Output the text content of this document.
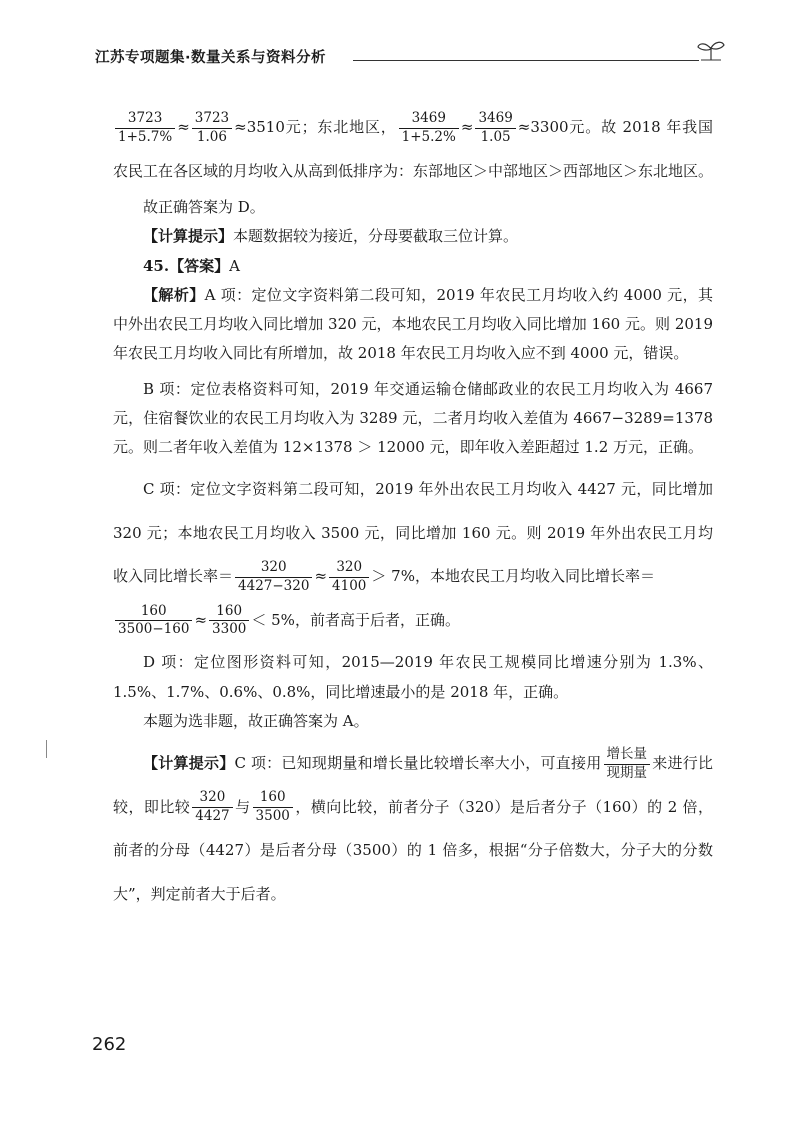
江苏专项题集·数量关系与资料分析

$\frac{3723}{1+5.7\%} \approx \frac{3723}{1.06} \approx 3510$元；东北地区， $\frac{3469}{1+5.2\%} \approx \frac{3469}{1.05} \approx 3300$元。故 2018 年我国农民工在各区域的月均收入从高到低排序为：东部地区＞中部地区＞西部地区＞东北地区。

故正确答案为 D。

【计算提示】本题数据较为接近，分母要截取三位计算。

45.【答案】A

【解析】A 项：定位文字资料第二段可知，2019 年农民工月均收入约 4000 元，其中外出农民工月均收入同比增加 320 元，本地农民工月均收入同比增加 160 元。则 2019 年农民工月均收入同比有所增加，故 2018 年农民工月均收入应不到 4000 元，错误。

B 项：定位表格资料可知，2019 年交通运输仓储邮政业的农民工月均收入为 4667 元，住宿餐饮业的农民工月均收入为 3289 元，二者月均收入差值为 4667−3289=1378 元。则二者年收入差值为 12×1378 ＞ 12000 元，即年收入差距超过 1.2 万元，正确。

C 项：定位文字资料第二段可知，2019 年外出农民工月均收入 4427 元，同比增加 320 元；本地农民工月均收入 3500 元，同比增加 160 元。则 2019 年外出农民工月均收入同比增长率＝ $\frac{320}{4427-320} \approx \frac{320}{4100} > 7\%$，本地农民工月均收入同比增长率＝

$\frac{160}{3500-160} \approx \frac{160}{3300} < 5\%$，前者高于后者，正确。

D 项：定位图形资料可知，2015—2019 年农民工规模同比增速分别为 1.3%、1.5%、1.7%、0.6%、0.8%，同比增速最小的是 2018 年，正确。

本题为选非题，故正确答案为 A。

【计算提示】C 项：已知现期量和增长量比较增长率大小，可直接用 $\frac{\text{增长量}}{\text{现期量}}$ 来进行比较，即比较 $\frac{320}{4427}$ 与 $\frac{160}{3500}$ ，横向比较，前者分子（320）是后者分子（160）的 2 倍，前者的分母（4427）是后者分母（3500）的 1 倍多，根据“分子倍数大，分子大的分数大”，判定前者大于后者。

262
